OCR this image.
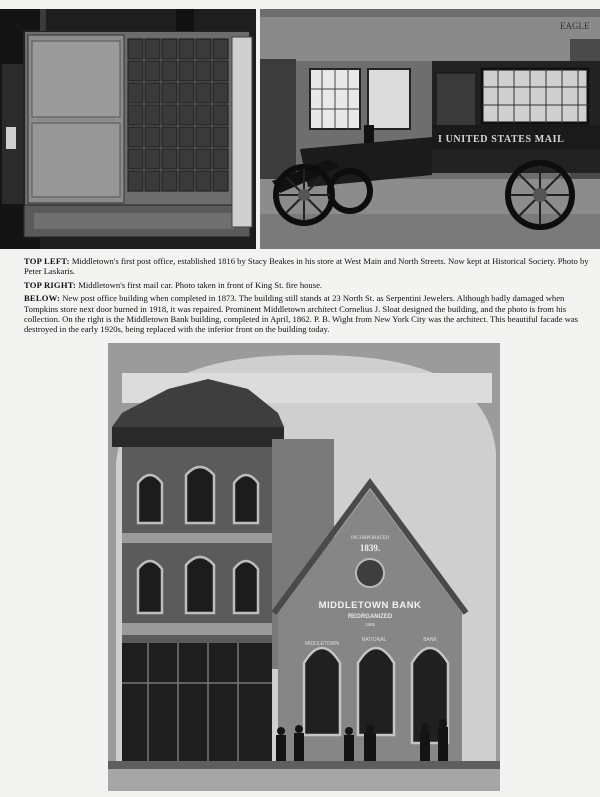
EAGLE
I UNITED STATES MAIL

TOP LEFT: Middletown's first post office, established 1816 by Stacy Beakes in his store at West Main and North Streets. Now kept at Historical Society. Photo by Peter Laskaris.

TOP RIGHT: Middletown's first mail car. Photo taken in front of King St. fire house.

BELOW: New post office building when completed in 1873. The building still stands at 23 North St. as Serpentini Jewelers. Although badly damaged when Tompkins store next door burned in 1918, it was repaired. Prominent Middletown architect Cornelius J. Sloat designed the building, and the photo is from his collection. On the right is the Middletown Bank building, completed in April, 1862. P. B. Wight from New York City was the architect. This beautiful facade was destroyed in the early 1920s, being replaced with the inferior front on the building today.

INCORPORATED
1839.
MIDDLETOWN BANK
REORGANIZED
1865
MIDDLETOWN
NATIONAL	BANK
